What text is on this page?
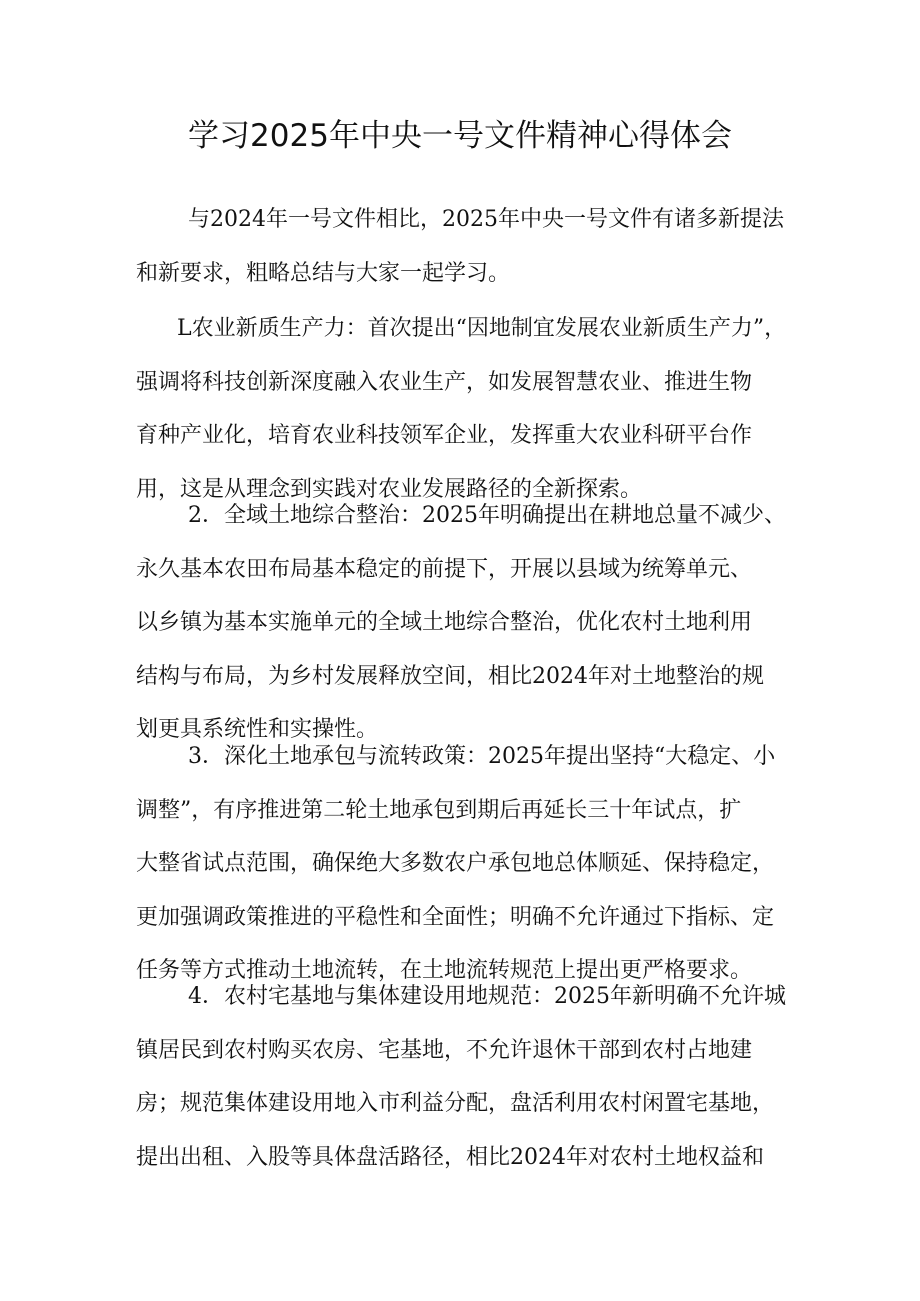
学习2025年中央一号文件精神心得体会
与2024年一号文件相比，2025年中央一号文件有诸多新提法
和新要求，粗略总结与大家一起学习。
L农业新质生产力：首次提出“因地制宜发展农业新质生产力”，
强调将科技创新深度融入农业生产，如发展智慧农业、推进生物
育种产业化，培育农业科技领军企业，发挥重大农业科研平台作
用，这是从理念到实践对农业发展路径的全新探索。
2．全域土地综合整治：2025年明确提出在耕地总量不减少、
永久基本农田布局基本稳定的前提下，开展以县域为统筹单元、
以乡镇为基本实施单元的全域土地综合整治，优化农村土地利用
结构与布局，为乡村发展释放空间，相比2024年对土地整治的规
划更具系统性和实操性。
3．深化土地承包与流转政策：2025年提出坚持“大稳定、小
调整”，有序推进第二轮土地承包到期后再延长三十年试点，扩
大整省试点范围，确保绝大多数农户承包地总体顺延、保持稳定，
更加强调政策推进的平稳性和全面性；明确不允许通过下指标、定
任务等方式推动土地流转，在土地流转规范上提出更严格要求。
4．农村宅基地与集体建设用地规范：2025年新明确不允许城
镇居民到农村购买农房、宅基地，不允许退休干部到农村占地建
房；规范集体建设用地入市利益分配，盘活利用农村闲置宅基地，
提出出租、入股等具体盘活路径，相比2024年对农村土地权益和
